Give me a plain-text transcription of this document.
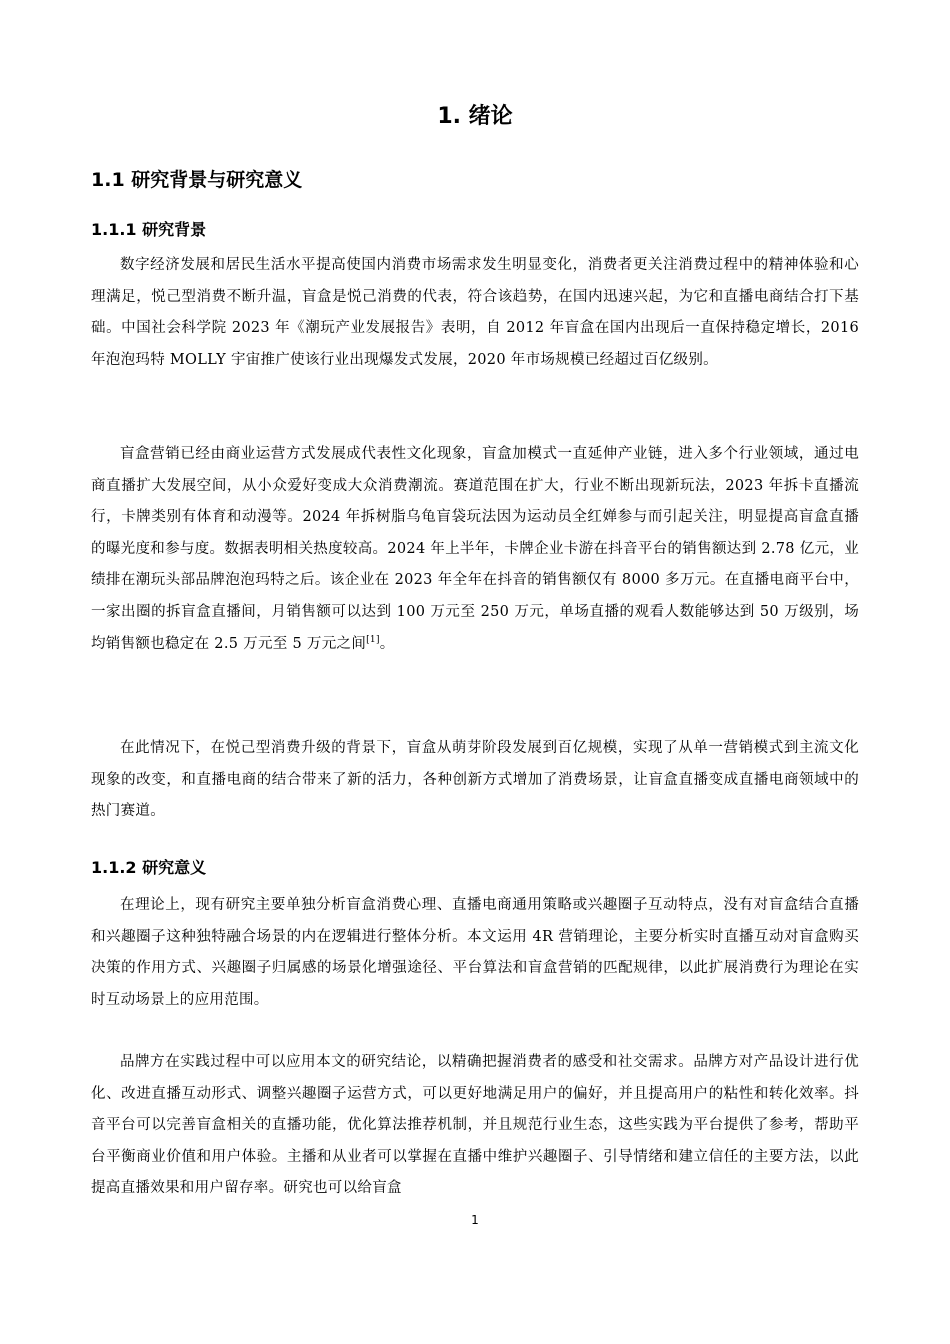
1. 绪论
1.1 研究背景与研究意义
1.1.1 研究背景

数字经济发展和居民生活水平提高使国内消费市场需求发生明显变化，消费者更关注消费过程中的精神体验和心理满足，悦己型消费不断升温，盲盒是悦己消费的代表，符合该趋势，在国内迅速兴起，为它和直播电商结合打下基础。中国社会科学院 2023 年《潮玩产业发展报告》表明，自 2012 年盲盒在国内出现后一直保持稳定增长，2016 年泡泡玛特 MOLLY 宇宙推广使该行业出现爆发式发展，2020 年市场规模已经超过百亿级别。

盲盒营销已经由商业运营方式发展成代表性文化现象，盲盒加模式一直延伸产业链，进入多个行业领域，通过电商直播扩大发展空间，从小众爱好变成大众消费潮流。赛道范围在扩大，行业不断出现新玩法，2023 年拆卡直播流行，卡牌类别有体育和动漫等。2024 年拆树脂乌龟盲袋玩法因为运动员全红婵参与而引起关注，明显提高盲盒直播的曝光度和参与度。数据表明相关热度较高。2024 年上半年，卡牌企业卡游在抖音平台的销售额达到 2.78 亿元，业绩排在潮玩头部品牌泡泡玛特之后。该企业在 2023 年全年在抖音的销售额仅有 8000 多万元。在直播电商平台中，一家出圈的拆盲盒直播间，月销售额可以达到 100 万元至 250 万元，单场直播的观看人数能够达到 50 万级别，场均销售额也稳定在 2.5 万元至 5 万元之间[1]。

在此情况下，在悦己型消费升级的背景下，盲盒从萌芽阶段发展到百亿规模，实现了从单一营销模式到主流文化现象的改变，和直播电商的结合带来了新的活力，各种创新方式增加了消费场景，让盲盒直播变成直播电商领域中的热门赛道。

1.1.2 研究意义

在理论上，现有研究主要单独分析盲盒消费心理、直播电商通用策略或兴趣圈子互动特点，没有对盲盒结合直播和兴趣圈子这种独特融合场景的内在逻辑进行整体分析。本文运用 4R 营销理论，主要分析实时直播互动对盲盒购买决策的作用方式、兴趣圈子归属感的场景化增强途径、平台算法和盲盒营销的匹配规律，以此扩展消费行为理论在实时互动场景上的应用范围。

品牌方在实践过程中可以应用本文的研究结论，以精确把握消费者的感受和社交需求。品牌方对产品设计进行优化、改进直播互动形式、调整兴趣圈子运营方式，可以更好地满足用户的偏好，并且提高用户的粘性和转化效率。抖音平台可以完善盲盒相关的直播功能，优化算法推荐机制，并且规范行业生态，这些实践为平台提供了参考，帮助平台平衡商业价值和用户体验。主播和从业者可以掌握在直播中维护兴趣圈子、引导情绪和建立信任的主要方法，以此提高直播效果和用户留存率。研究也可以给盲盒

1
